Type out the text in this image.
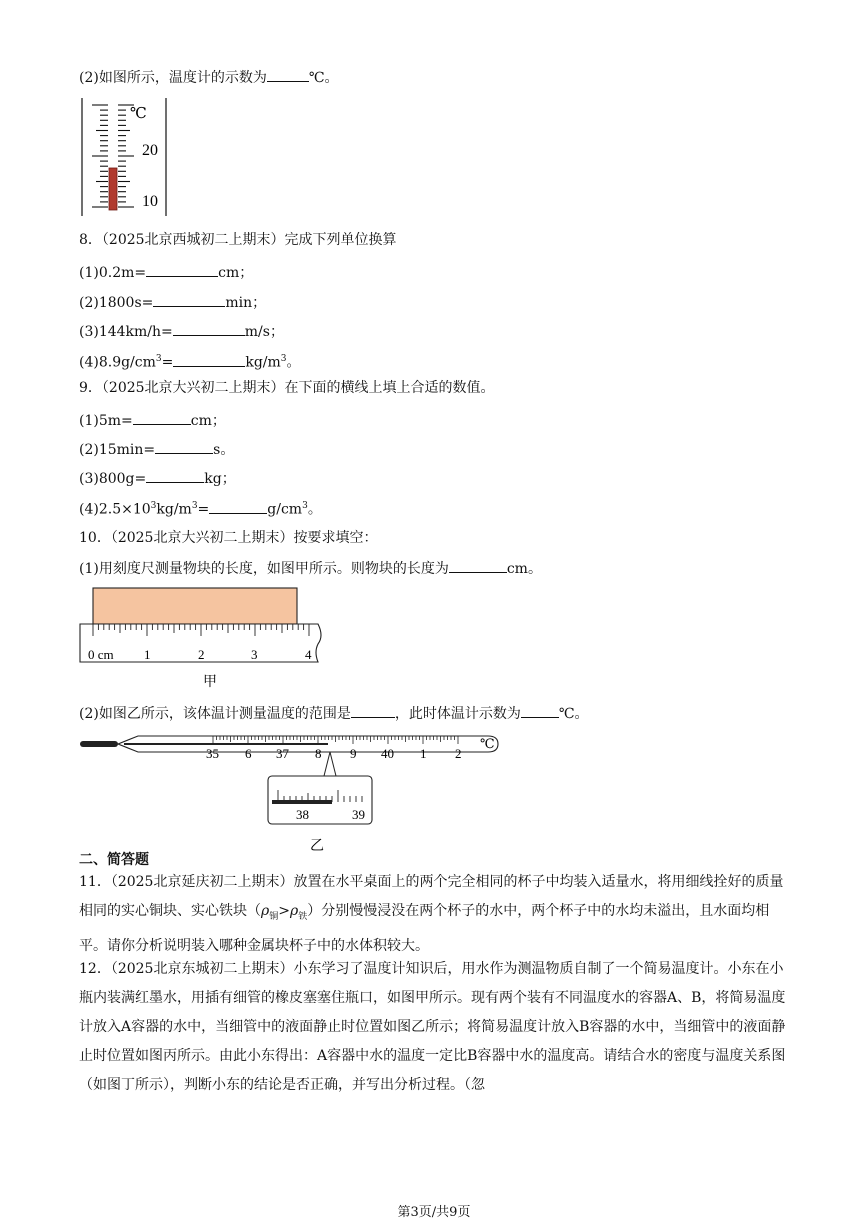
(2)如图所示，温度计的示数为	℃。
℃
20
10
8．（2025北京西城初二上期末）完成下列单位换算
(1)0.2m=	cm；
(2)1800s=	min；
(3)144km/h=	m/s；
$(4)8.9g/cm^3=$	$kg/m^3$。
9．（2025北京大兴初二上期末）在下面的横线上填上合适的数值。
(1)5m=	cm；
(2)15min=	s。
(3)800g=	kg；
$(4)2.5\times 10^3kg/m^3=$	$g/cm^3$。
10．（2025北京大兴初二上期末）按要求填空：
(1)用刻度尺测量物块的长度，如图甲所示。则物块的长度为	cm。
0 cm 1	2	3	4
甲
(2)如图乙所示，该体温计测量温度的范围是	，此时体温计示数为	℃。
35 6 37 8 9 40 1 2
℃
38	39
乙
二、简答题
11．（2025北京延庆初二上期末）放置在水平桌面上的两个完全相同的杯子中均装入适量水，将用细线拴好的质量相同的实心铜块、实心铁块$(\rho_铜>\rho_铁)$分别慢慢浸没在两个杯子的水中，两个杯子中的水均未溢出，且水面均相平。请你分析说明装入哪种金属块杯子中的水体积较大。
12．（2025北京东城初二上期末）小东学习了温度计知识后，用水作为测温物质自制了一个简易温度计。小东在小瓶内装满红墨水，用插有细管的橡皮塞塞住瓶口，如图甲所示。现有两个装有不同温度水的容器A、B，将简易温度计放入A容器的水中，当细管中的液面静止时位置如图乙所示；将简易温度计放入B容器的水中，当细管中的液面静止时位置如图丙所示。由此小东得出：A容器中水的温度一定比B容器中水的温度高。请结合水的密度与温度关系图（如图丁所示），判断小东的结论是否正确，并写出分析过程。（忽
第3页/共9页
